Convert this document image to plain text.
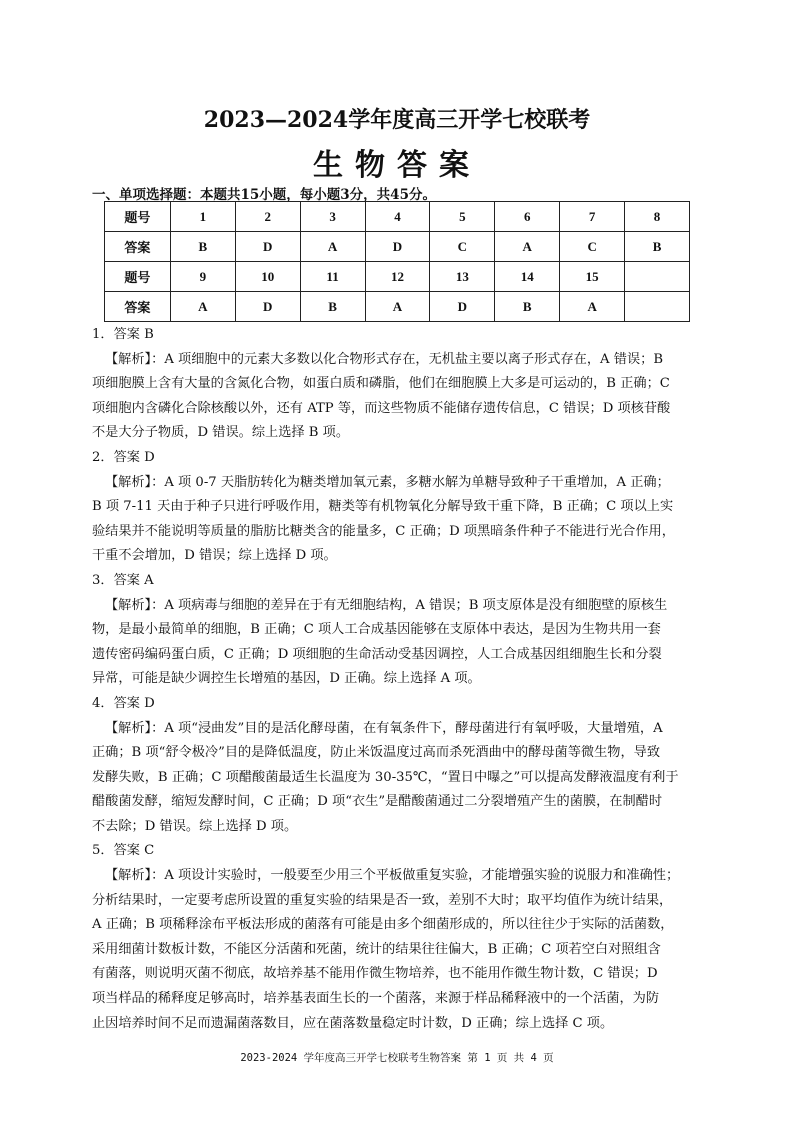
2023—2024学年度高三开学七校联考
生物答案
一、单项选择题：本题共15小题，每小题3分，共45分。
题号	1	2	3	4	5	6	7	8
答案	B	D	A	D	C	A	C	B
题号	9	10	11	12	13	14	15	
答案	A	D	B	A	D	B	A	
1．答案 B
【解析】：A 项细胞中的元素大多数以化合物形式存在，无机盐主要以离子形式存在，A 错误；B
项细胞膜上含有大量的含氮化合物，如蛋白质和磷脂，他们在细胞膜上大多是可运动的，B 正确；C
项细胞内含磷化合除核酸以外，还有 ATP 等，而这些物质不能储存遗传信息，C 错误；D 项核苷酸
不是大分子物质，D 错误。综上选择 B 项。
2．答案 D
【解析】：A 项 0-7 天脂肪转化为糖类增加氧元素，多糖水解为单糖导致种子干重增加，A 正确；
B 项 7-11 天由于种子只进行呼吸作用，糖类等有机物氧化分解导致干重下降，B 正确；C 项以上实
验结果并不能说明等质量的脂肪比糖类含的能量多，C 正确；D 项黑暗条件种子不能进行光合作用，
干重不会增加，D 错误；综上选择 D 项。
3．答案 A
【解析】：A 项病毒与细胞的差异在于有无细胞结构，A 错误；B 项支原体是没有细胞壁的原核生
物，是最小最简单的细胞，B 正确；C 项人工合成基因能够在支原体中表达，是因为生物共用一套
遗传密码编码蛋白质，C 正确；D 项细胞的生命活动受基因调控，人工合成基因组细胞生长和分裂
异常，可能是缺少调控生长增殖的基因，D 正确。综上选择 A 项。
4．答案 D
【解析】：A 项“浸曲发”目的是活化酵母菌，在有氧条件下，酵母菌进行有氧呼吸，大量增殖，A
正确；B 项“舒令极冷”目的是降低温度，防止米饭温度过高而杀死酒曲中的酵母菌等微生物，导致
发酵失败，B 正确；C 项醋酸菌最适生长温度为 30-35℃，“置日中曝之”可以提高发酵液温度有利于
醋酸菌发酵，缩短发酵时间，C 正确；D 项“衣生”是醋酸菌通过二分裂增殖产生的菌膜，在制醋时
不去除；D 错误。综上选择 D 项。
5．答案 C
【解析】：A 项设计实验时，一般要至少用三个平板做重复实验，才能增强实验的说服力和准确性；
分析结果时，一定要考虑所设置的重复实验的结果是否一致，差别不大时；取平均值作为统计结果，
A 正确；B 项稀释涂布平板法形成的菌落有可能是由多个细菌形成的，所以往往少于实际的活菌数，
采用细菌计数板计数，不能区分活菌和死菌，统计的结果往往偏大，B 正确；C 项若空白对照组含
有菌落，则说明灭菌不彻底，故培养基不能用作微生物培养，也不能用作微生物计数，C 错误；D
项当样品的稀释度足够高时，培养基表面生长的一个菌落，来源于样品稀释液中的一个活菌，为防
止因培养时间不足而遗漏菌落数目，应在菌落数量稳定时计数，D 正确；综上选择 C 项。
2023-2024 学年度高三开学七校联考生物答案 第 1 页 共 4 页
